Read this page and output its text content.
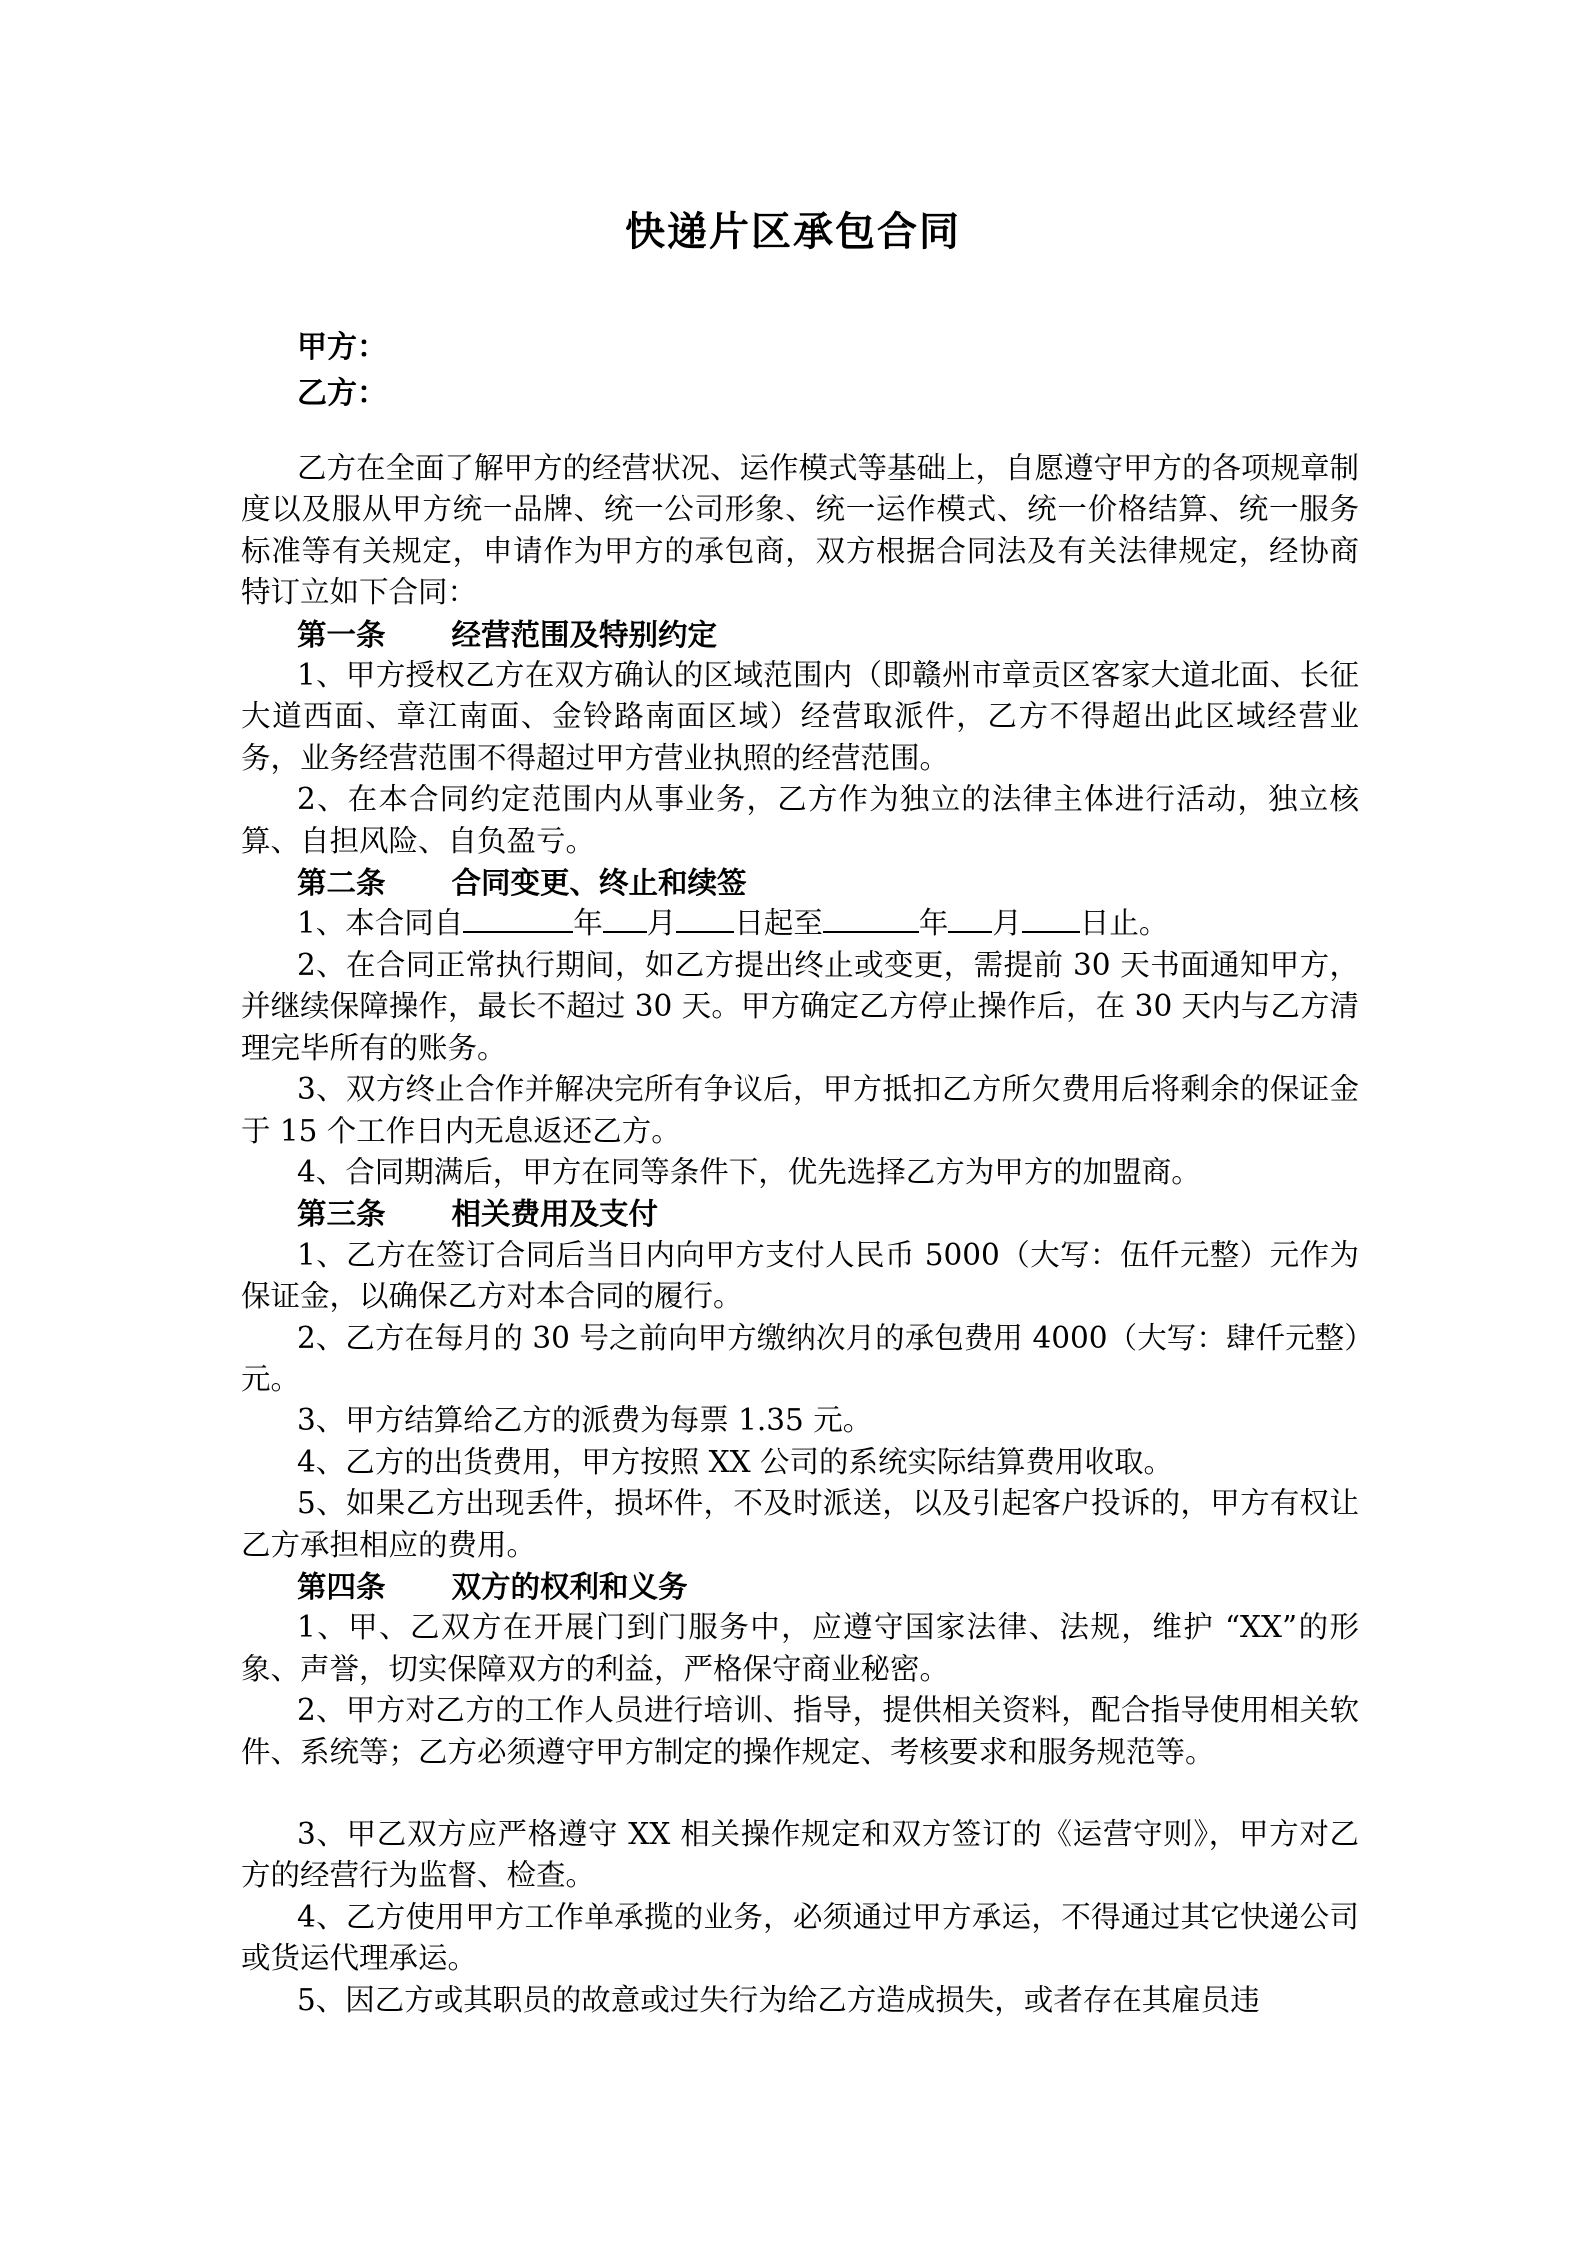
快递片区承包合同
甲方：
乙方：

乙方在全面了解甲方的经营状况、运作模式等基础上，自愿遵守甲方的各项规章制度以及服从甲方统一品牌、统一公司形象、统一运作模式、统一价格结算、统一服务标准等有关规定，申请作为甲方的承包商，双方根据合同法及有关法律规定，经协商特订立如下合同：

第一条 经营范围及特别约定

1、甲方授权乙方在双方确认的区域范围内（即赣州市章贡区客家大道北面、长征大道西面、章江南面、金铃路南面区域）经营取派件，乙方不得超出此区域经营业务，业务经营范围不得超过甲方营业执照的经营范围。

2、在本合同约定范围内从事业务，乙方作为独立的法律主体进行活动，独立核算、自担风险、自负盈亏。

第二条 合同变更、终止和续签

1、本合同自	年 月 日起至	年 月 日止。

2、在合同正常执行期间，如乙方提出终止或变更，需提前 30 天书面通知甲方，并继续保障操作，最长不超过 30 天。甲方确定乙方停止操作后，在 30 天内与乙方清理完毕所有的账务。

3、双方终止合作并解决完所有争议后，甲方抵扣乙方所欠费用后将剩余的保证金于 15 个工作日内无息返还乙方。

4、合同期满后，甲方在同等条件下，优先选择乙方为甲方的加盟商。

第三条 相关费用及支付

1、乙方在签订合同后当日内向甲方支付人民币 5000（大写：伍仟元整）元作为保证金，以确保乙方对本合同的履行。

2、乙方在每月的 30 号之前向甲方缴纳次月的承包费用 4000（大写：肆仟元整）元。

3、甲方结算给乙方的派费为每票 1.35 元。

4、乙方的出货费用，甲方按照 XX 公司的系统实际结算费用收取。

5、如果乙方出现丢件，损坏件，不及时派送，以及引起客户投诉的，甲方有权让乙方承担相应的费用。

第四条 双方的权利和义务

1、甲、乙双方在开展门到门服务中，应遵守国家法律、法规，维护 “XX”的形象、声誉，切实保障双方的利益，严格保守商业秘密。

2、甲方对乙方的工作人员进行培训、指导，提供相关资料，配合指导使用相关软件、系统等；乙方必须遵守甲方制定的操作规定、考核要求和服务规范等。

3、甲乙双方应严格遵守 XX 相关操作规定和双方签订的《运营守则》，甲方对乙方的经营行为监督、检查。

4、乙方使用甲方工作单承揽的业务，必须通过甲方承运，不得通过其它快递公司或货运代理承运。

5、因乙方或其职员的故意或过失行为给乙方造成损失，或者存在其雇员违
